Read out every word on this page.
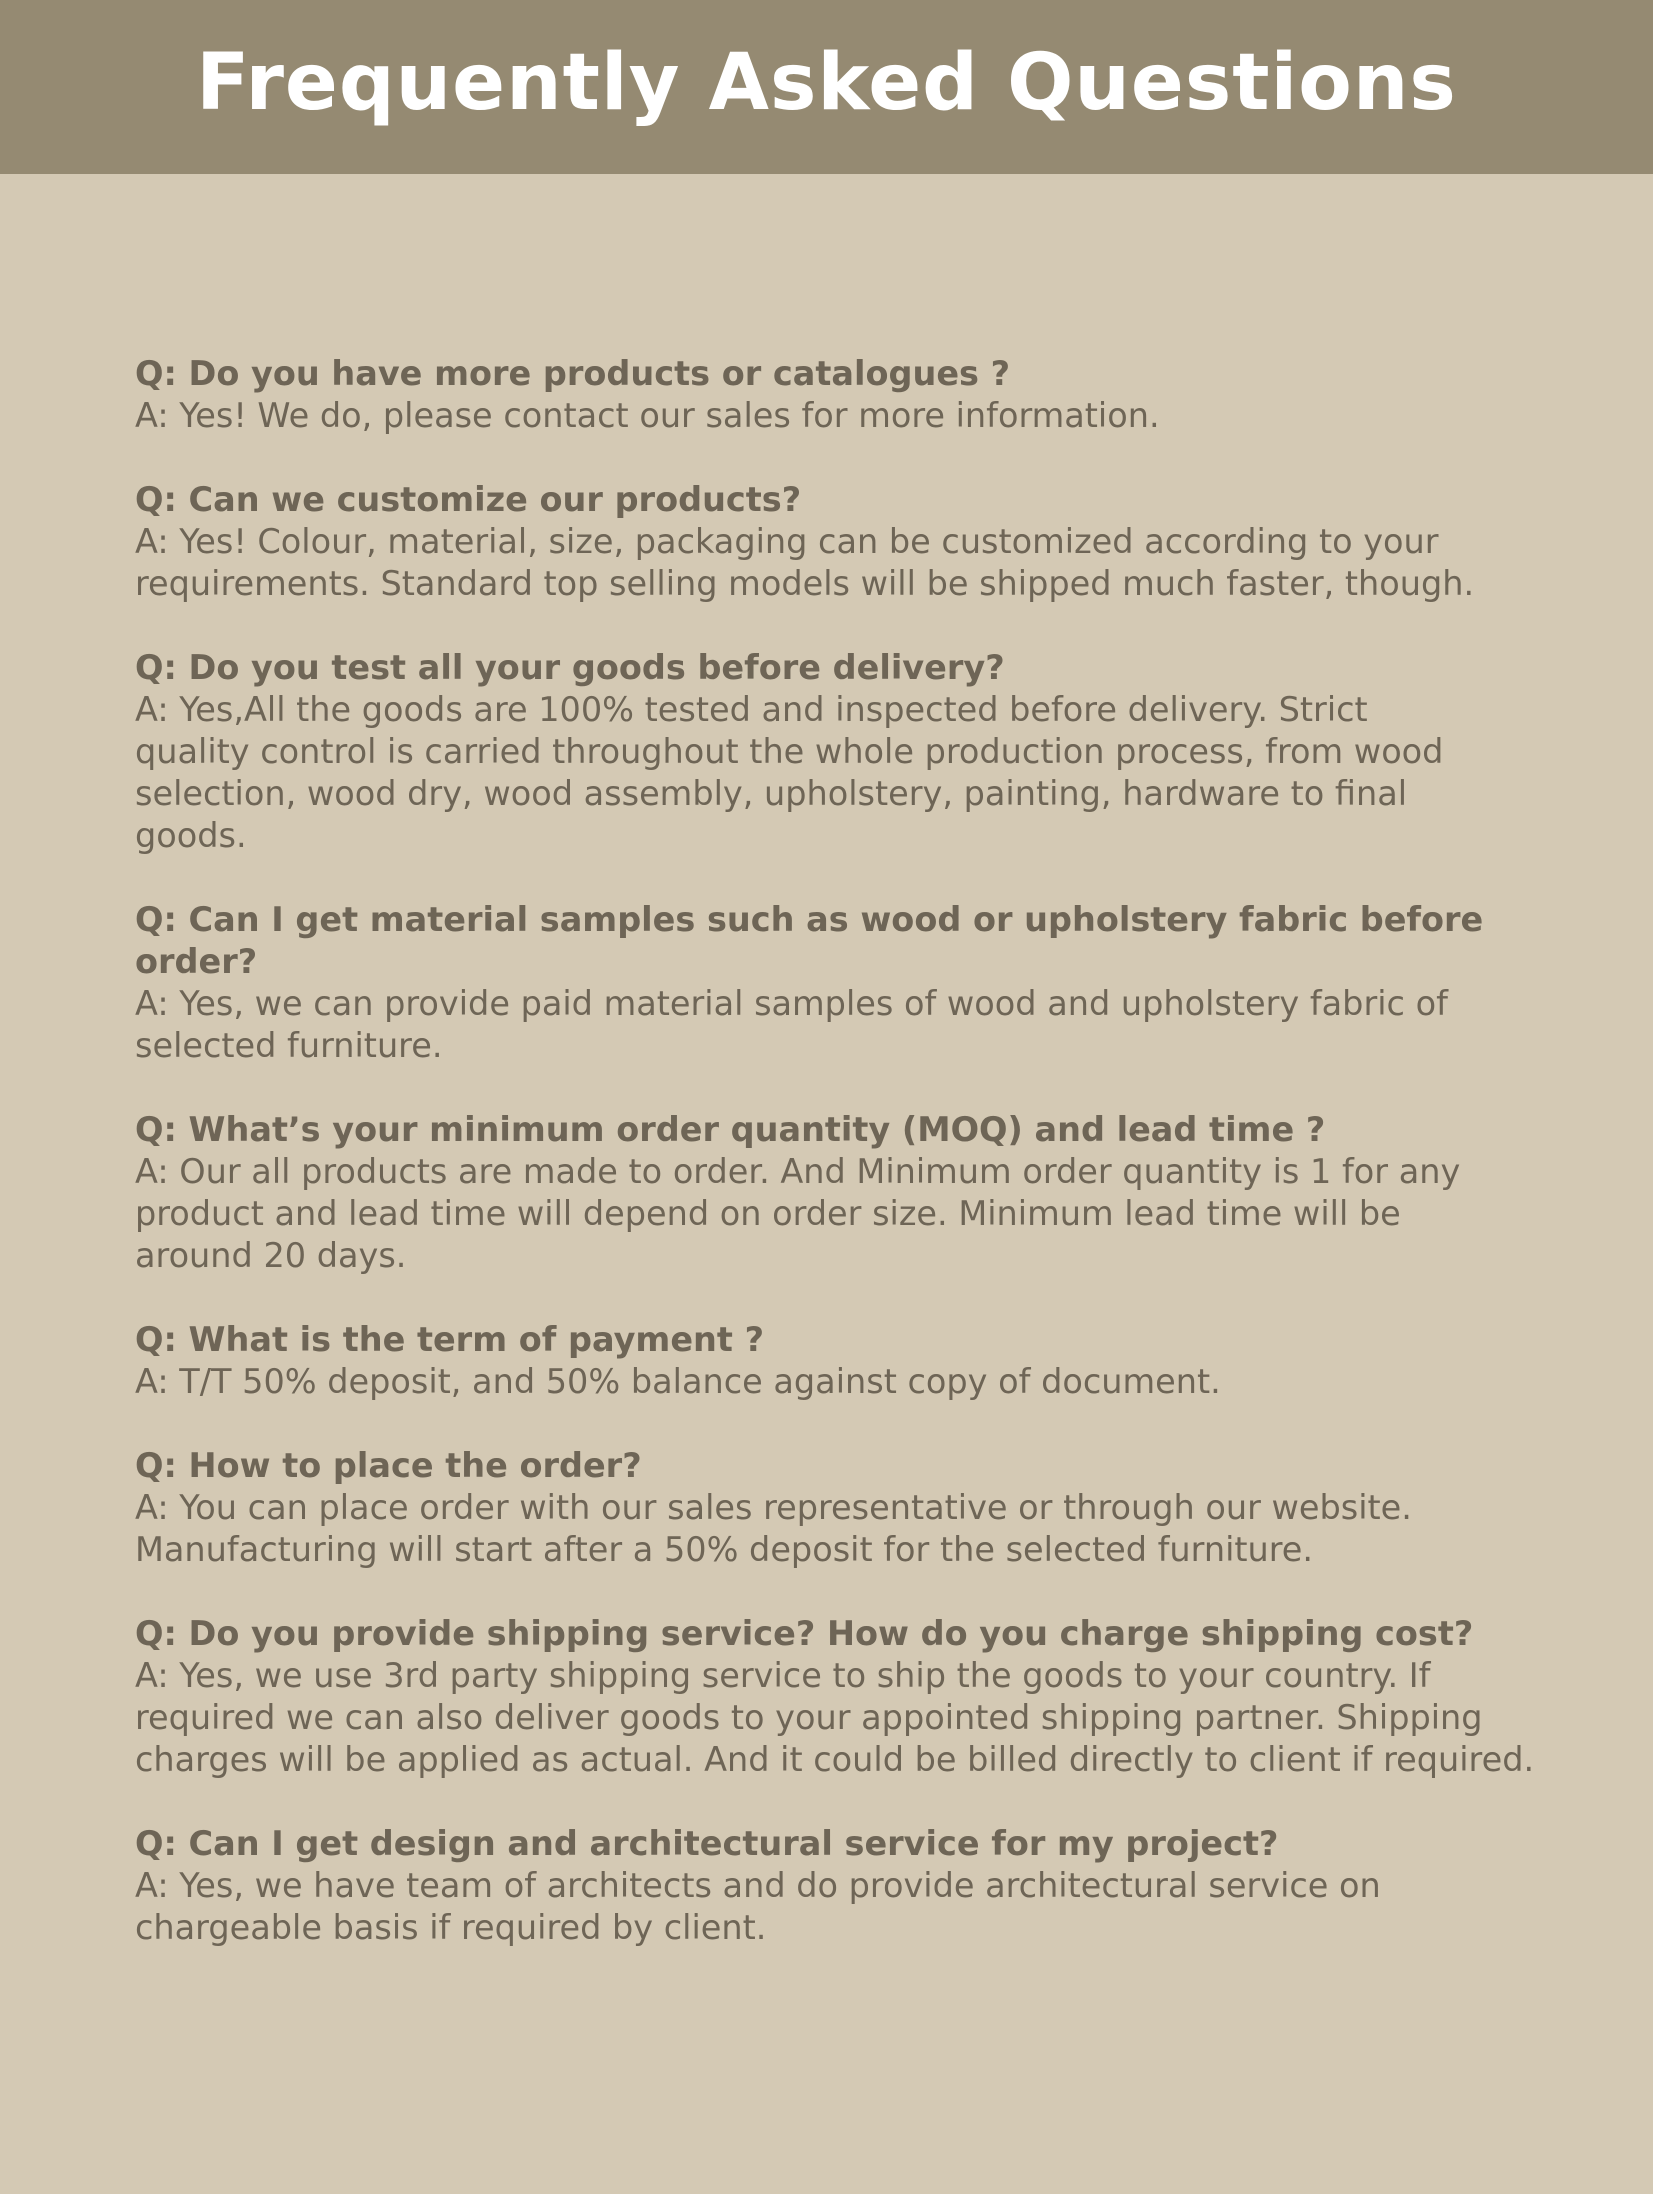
Frequently Asked Questions

Q: Do you have more products or catalogues ?

A: Yes! We do, please contact our sales for more information.

Q: Can we customize our products?

A: Yes! Colour, material, size, packaging can be customized according to your
requirements. Standard top selling models will be shipped much faster, though.

Q: Do you test all your goods before delivery?

A: Yes,All the goods are 100% tested and inspected before delivery. Strict
quality control is carried throughout the whole production process, from wood
selection, wood dry, wood assembly, upholstery, painting, hardware to final
goods.

Q: Can I get material samples such as wood or upholstery fabric before
order?

A: Yes, we can provide paid material samples of wood and upholstery fabric of
selected furniture.

Q: What’s your minimum order quantity (MOQ) and lead time ?

A: Our all products are made to order. And Minimum order quantity is 1 for any
product and lead time will depend on order size. Minimum lead time will be
around 20 days.

Q: What is the term of payment ?

A: T/T 50% deposit, and 50% balance against copy of document.

Q: How to place the order?

A: You can place order with our sales representative or through our website.
Manufacturing will start after a 50% deposit for the selected furniture.

Q: Do you provide shipping service? How do you charge shipping cost?

A: Yes, we use 3rd party shipping service to ship the goods to your country. If
required we can also deliver goods to your appointed shipping partner. Shipping
charges will be applied as actual. And it could be billed directly to client if required.

Q: Can I get design and architectural service for my project?

A: Yes, we have team of architects and do provide architectural service on
chargeable basis if required by client.
